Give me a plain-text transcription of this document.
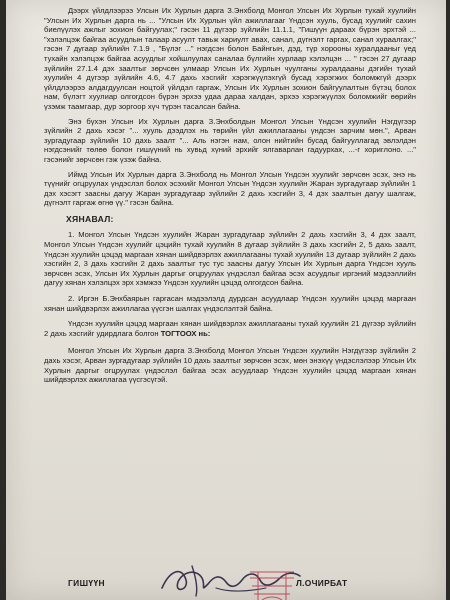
Дээрх үйлдлээрээ Улсын Их Хурлын дарга З.Энхболд Монгол Улсын Их Хурлын тухай хуулийн "Улсын Их Хурлын дарга нь ... "Улсын Их Хурлын үйл ажиллагааг Үндсэн хууль, бусад хуулийг сахин биелүүлэх ажлыг зохион байгуулах;" гэсэн 11 дүгээр зүйлийн 11.1.1, "Гишүүн дарааx бүрэн эрхтэй ... "хэлэлцэж байгаа асуудлын талаар асуулт тавьж хариулт авах, санал, дүгнэлт гаргах, санал хураалгах;" гэсэн 7 дугаар зүйлийн 7.1.9 , "Бүлэг ..." нэгдсэн болон Байнгын, дэд, түр хорооны хуралдааныг үед тухайн хэлэлцэж байгаа асуудлыг хойшлуулах саналаа бүлгийн хурлаар хэлэлцэн ... " гэсэн 27 дугаар зүйлийн 27.1.4 дэх заалтыг зөрчсөн улмаар Улсын Их Хурлын чуулганы хуралдааны дэгийн тухай хуулийн 4 дүгээр зүйлийн 4.6, 4.7 дахь хэсгийг хэрэгжүүлэхгүй бусад хэрэгжих боломжгүй дээрх үйлдлээрээ алдагдуулсан ноцтой үйлдэл гаргаж, Улсын Их Хурлын зохион байгуулалтын бүтэц болох нам, бүлэгт хуулиар олгогдсон бүрэн эрхээ удаа дараа халдан, эрхээ хэрэгжүүлэх боломжийг өөрийн үзэмж таамгаар, дур зоргоор хүч түрэн тасалсан байна.

Энэ бүхэн Улсын Их Хурлын дарга З.Энхболдын Монгол Улсын Үндсэн хуулийн Нэгдүгээр зүйлийн 2 дахь хэсэг "... хууль дээдлэх нь төрийн үйл ажиллагааны үндсэн зарчим мөн.", Арван зургадугаар зүйлийн 10 дахь заалт "... Аль нэгэн нам, олон нийтийн бусад байгууллагад эвлэлдэн нэгдсэнийг төлөө болон гишүүний нь хувьд хүний эрхийг ялгаварлан гадуурхах, ...-г хориглоно. ..." гэсэнийг зөрчсөн гэж үзэж байна.

Иймд Улсын Их Хурлын дарга З.Энхболд нь Монгол Улсын Үндсэн хуулийг зөрчсөн эсэх, энэ нь түүнийг огцруулах үндэслэл болох эсэхийг Монгол Улсын Үндсэн хуулийн Жаран зургадугаар зүйлийн 1 дэх хэсэгт заасны дагуу Жаран зургадугаар зүйлийн 2 дахь хэсгийн 3, 4 дэх заалтын дагуу шалгаж, дүгнэлт гаргаж өгнө үү." гэсэн байна.

ХЯНАВАЛ:

1. Монгол Улсын Үндсэн хуулийн Жаран зургадугаар зүйлийн 2 дахь хэсгийн 3, 4 дэх заалт, Монгол Улсын Үндсэн хуулийг цэцийн тухай хуулийн 8 дугаар зүйлийн 3 дахь хэсгийн 2, 5 дахь заалт, Үндсэн хуулийн цэцэд маргаан хянан шийдвэрлэх ажиллагааны тухай хуулийн 13 дугаар зүйлийн 2 дахь хэсгийн 2, 3 дахь хэсгийн 2 дахь заалтыг тус тус заасны дагуу Улсын Их Хурлын дарга Үндсэн хууль зөрчсөн эсэх, Улсын Их Хурлын даргыг огцруулах үндэслэл байгаа эсэх асуудлыг иргэний мэдээллийн дагуу хянан хэлэлцэх эрх хэмжээ Үндсэн хуулийн цэцэд олгогдсон байна.

2. Иргэн Б.Энхбаярын гаргасан мэдээлэлд дурдсан асуудлаар Үндсэн хуулийн цэцэд маргаан хянан шийдвэрлэх ажиллагаа үүсгэн шалгах үндэслэлтэй байна.

Үндсэн хуулийн цэцэд маргаан хянан шийдвэрлэх ажиллагааны тухай хуулийн 21 дүгээр зүйлийн 2 дахь хэсгийг удирдлага болгон ТОГТООХ нь:

Монгол Улсын Их Хурлын дарга З.Энхболд Монгол Улсын Үндсэн хуулийн Нэгдүгээр зүйлийн 2 дахь хэсэг, Арван зургадугаар зүйлийн 10 дахь заалтыг зөрчсөн эсэх, мөн энэхүү үндэслэлээр Улсын Их Хурлын даргыг огцруулах үндэслэл байгаа эсэх асуудлаар Үндсэн хуулийн цэцэд маргаан хянан шийдвэрлэх ажиллагаа үүсгэсүгэй.

ГИШҮҮН	Л.ОЧИРБАТ
